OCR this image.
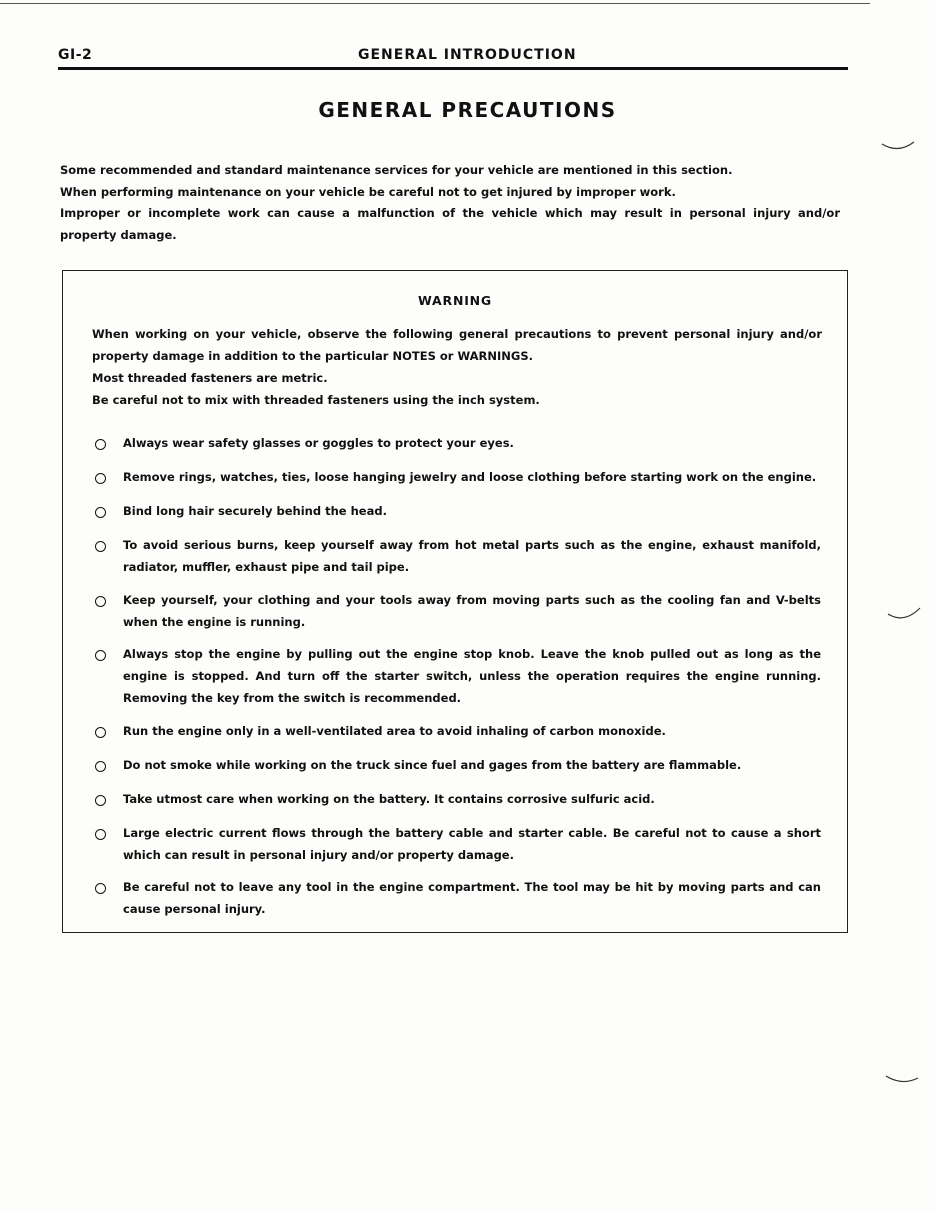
GI-2	GENERAL INTRODUCTION
GENERAL PRECAUTIONS

Some recommended and standard maintenance services for your vehicle are mentioned in this section.

When performing maintenance on your vehicle be careful not to get injured by improper work.

Improper or incomplete work can cause a malfunction of the vehicle which may result in personal injury and/or property damage.

WARNING

When working on your vehicle, observe the following general precautions to prevent personal injury and/or property damage in addition to the particular NOTES or WARNINGS.

Most threaded fasteners are metric.

Be careful not to mix with threaded fasteners using the inch system.

Always wear safety glasses or goggles to protect your eyes.
Remove rings, watches, ties, loose hanging jewelry and loose clothing before starting work on the engine.
Bind long hair securely behind the head.
To avoid serious burns, keep yourself away from hot metal parts such as the engine, exhaust manifold, radiator, muffler, exhaust pipe and tail pipe.
Keep yourself, your clothing and your tools away from moving parts such as the cooling fan and V-belts when the engine is running.
Always stop the engine by pulling out the engine stop knob. Leave the knob pulled out as long as the engine is stopped. And turn off the starter switch, unless the operation requires the engine running. Removing the key from the switch is recommended.
Run the engine only in a well-ventilated area to avoid inhaling of carbon monoxide.
Do not smoke while working on the truck since fuel and gages from the battery are flammable.
Take utmost care when working on the battery. It contains corrosive sulfuric acid.
Large electric current flows through the battery cable and starter cable. Be careful not to cause a short which can result in personal injury and/or property damage.
Be careful not to leave any tool in the engine compartment. The tool may be hit by moving parts and can cause personal injury.
